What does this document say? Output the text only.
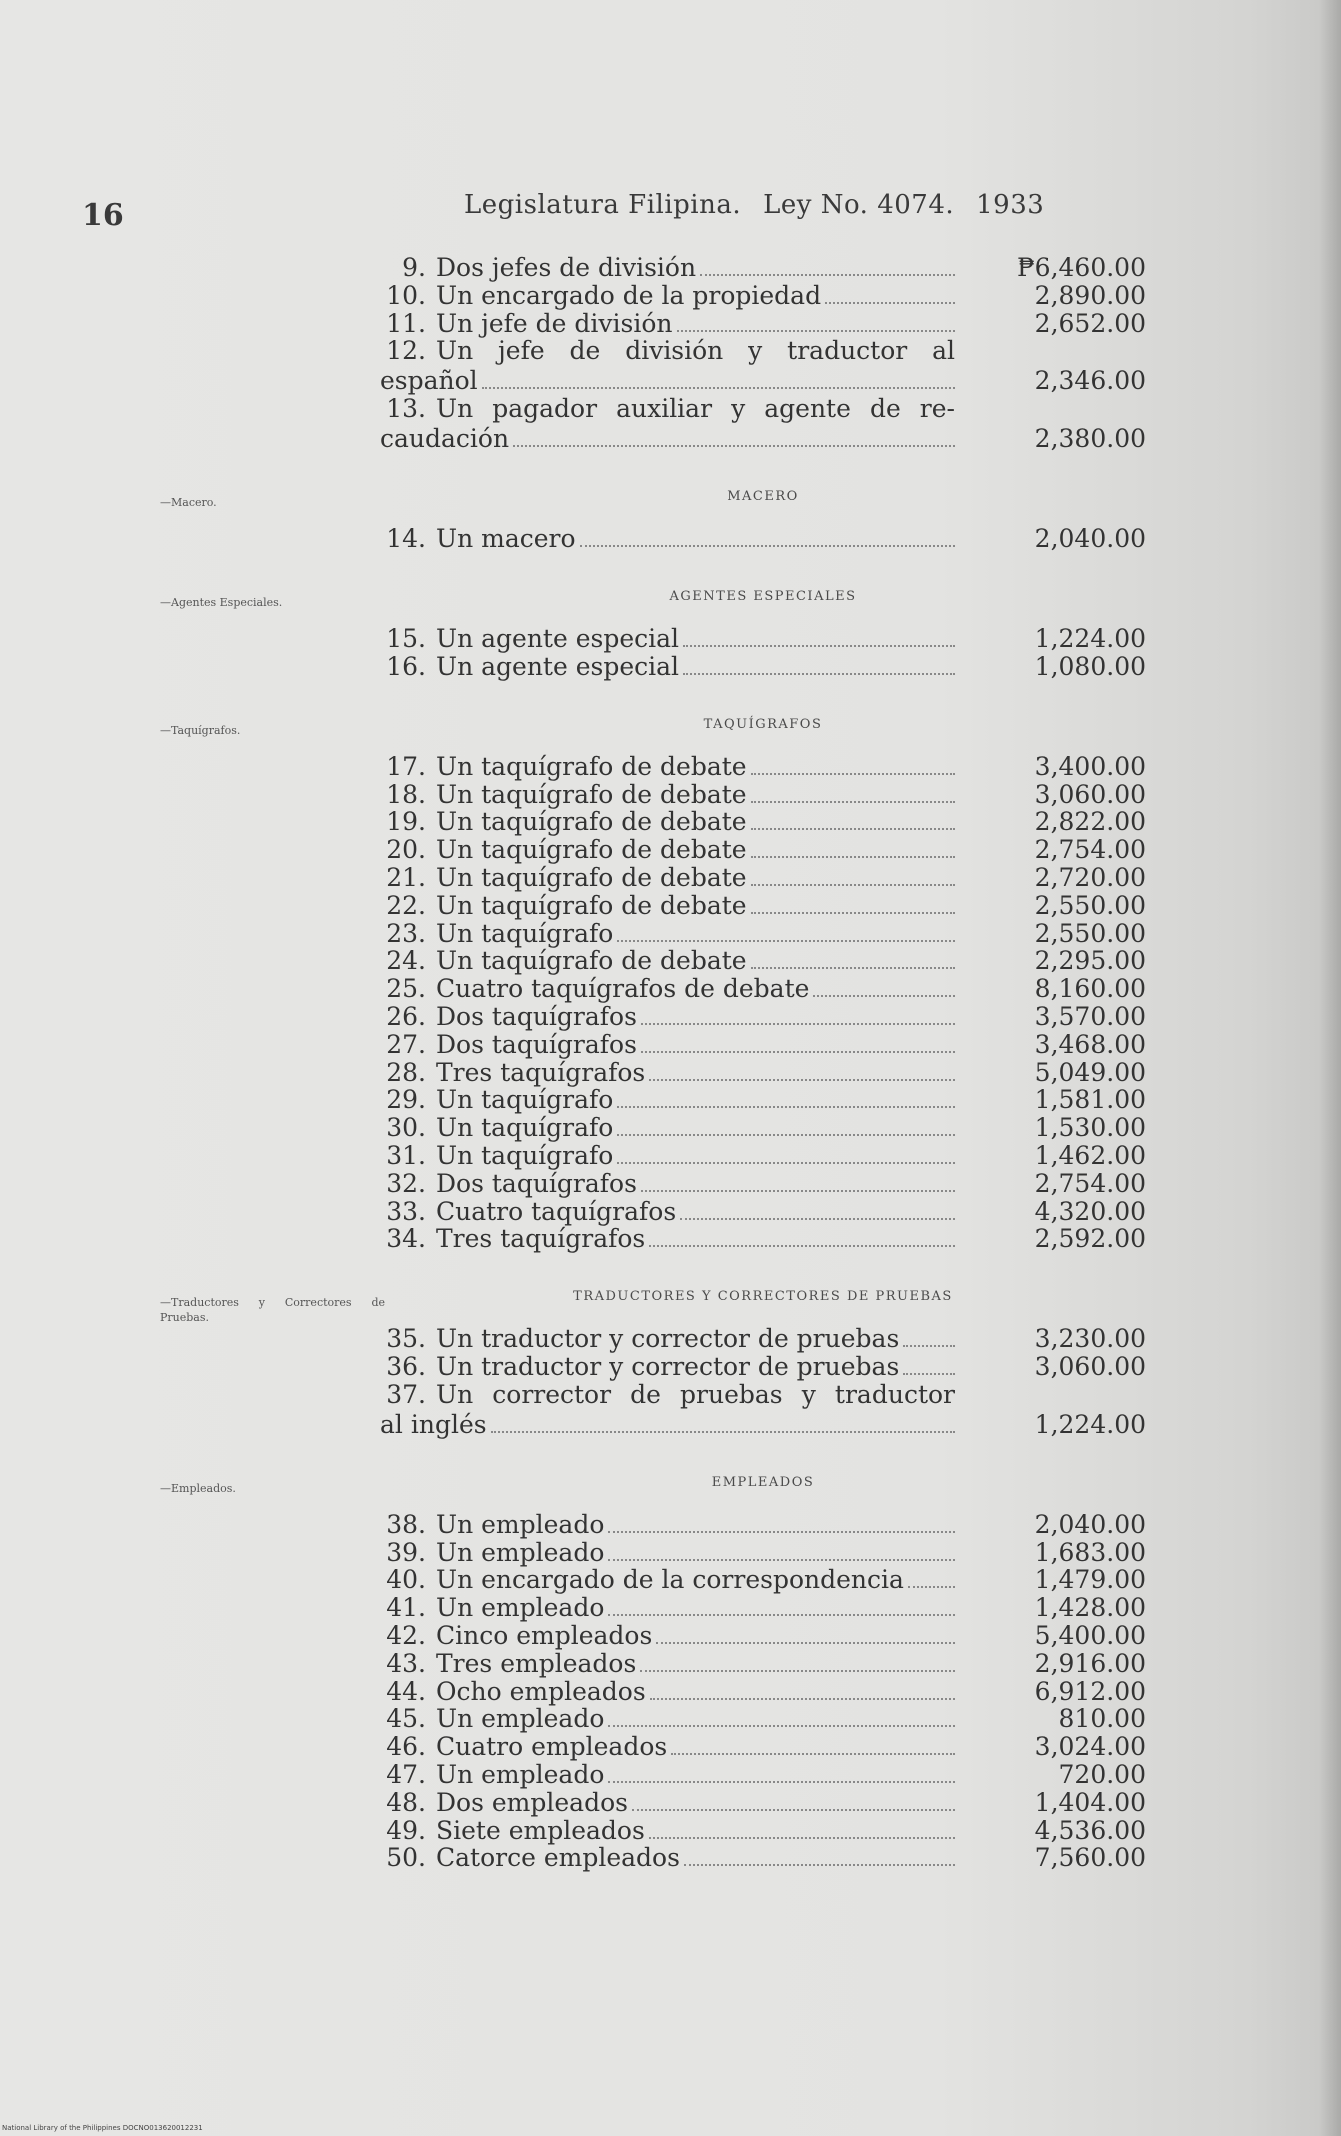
16	Legislatura Filipina. Ley No. 4074. 1933
9. Dos jefes de división	₱6,460.00
10. Un encargado de la propiedad	2,890.00
11. Un jefe de división	2,652.00
12. Un jefe de división y traductor al
español	2,346.00
13. Un pagador auxiliar y agente de re-
caudación	2,380.00
MACERO
—Macero.
14. Un macero	2,040.00
AGENTES ESPECIALES
—Agentes Especiales.
15. Un agente especial	1,224.00
16. Un agente especial	1,080.00
TAQUÍGRAFOS
—Taquígrafos.
17. Un taquígrafo de debate	3,400.00
18. Un taquígrafo de debate	3,060.00
19. Un taquígrafo de debate	2,822.00
20. Un taquígrafo de debate	2,754.00
21. Un taquígrafo de debate	2,720.00
22. Un taquígrafo de debate	2,550.00
23. Un taquígrafo	2,550.00
24. Un taquígrafo de debate	2,295.00
25. Cuatro taquígrafos de debate	8,160.00
26. Dos taquígrafos	3,570.00
27. Dos taquígrafos	3,468.00
28. Tres taquígrafos	5,049.00
29. Un taquígrafo	1,581.00
30. Un taquígrafo	1,530.00
31. Un taquígrafo	1,462.00
32. Dos taquígrafos	2,754.00
33. Cuatro taquígrafos	4,320.00
34. Tres taquígrafos	2,592.00
TRADUCTORES Y CORRECTORES DE PRUEBAS
—Traductores y Correctores de Pruebas.
35. Un traductor y corrector de pruebas	3,230.00
36. Un traductor y corrector de pruebas	3,060.00
37. Un corrector de pruebas y traductor
al inglés	1,224.00
EMPLEADOS
—Empleados.
38. Un empleado	2,040.00
39. Un empleado	1,683.00
40. Un encargado de la correspondencia	1,479.00
41. Un empleado	1,428.00
42. Cinco empleados	5,400.00
43. Tres empleados	2,916.00
44. Ocho empleados	6,912.00
45. Un empleado	810.00
46. Cuatro empleados	3,024.00
47. Un empleado	720.00
48. Dos empleados	1,404.00
49. Siete empleados	4,536.00
50. Catorce empleados	7,560.00
National Library of the Philippines DOCNO013620012231
